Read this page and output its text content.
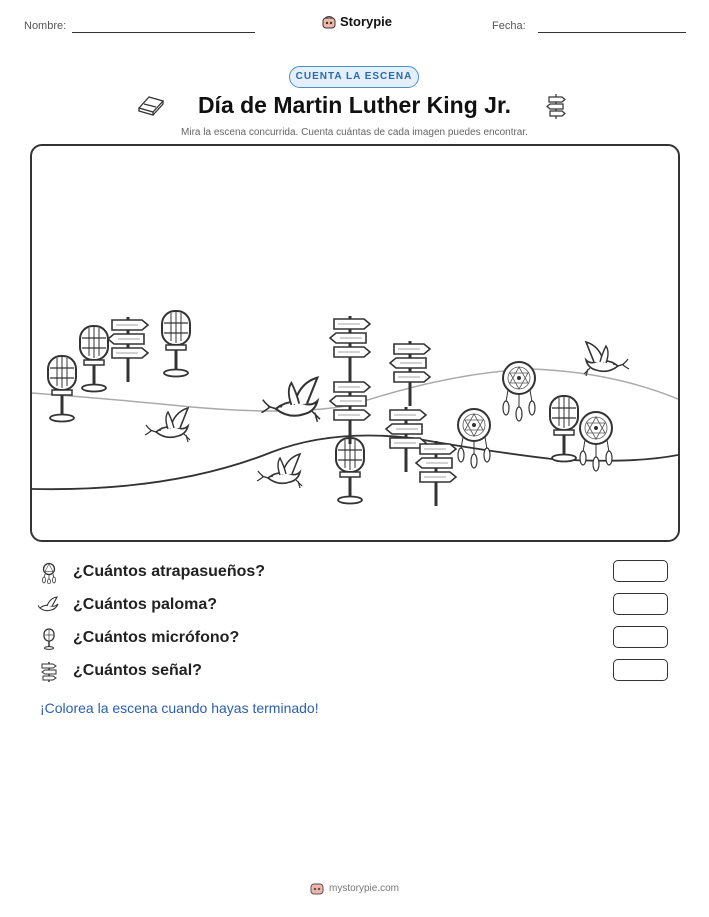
Nombre:	Storypie	Fecha:
CUENTA LA ESCENA
Día de Martin Luther King Jr.
Mira la escena concurrida. Cuenta cuántas de cada imagen puedes encontrar.
¿Cuántos atrapasueños?
¿Cuántos paloma?
¿Cuántos micrófono?
¿Cuántos señal?
¡Colorea la escena cuando hayas terminado!
mystorypie.com
